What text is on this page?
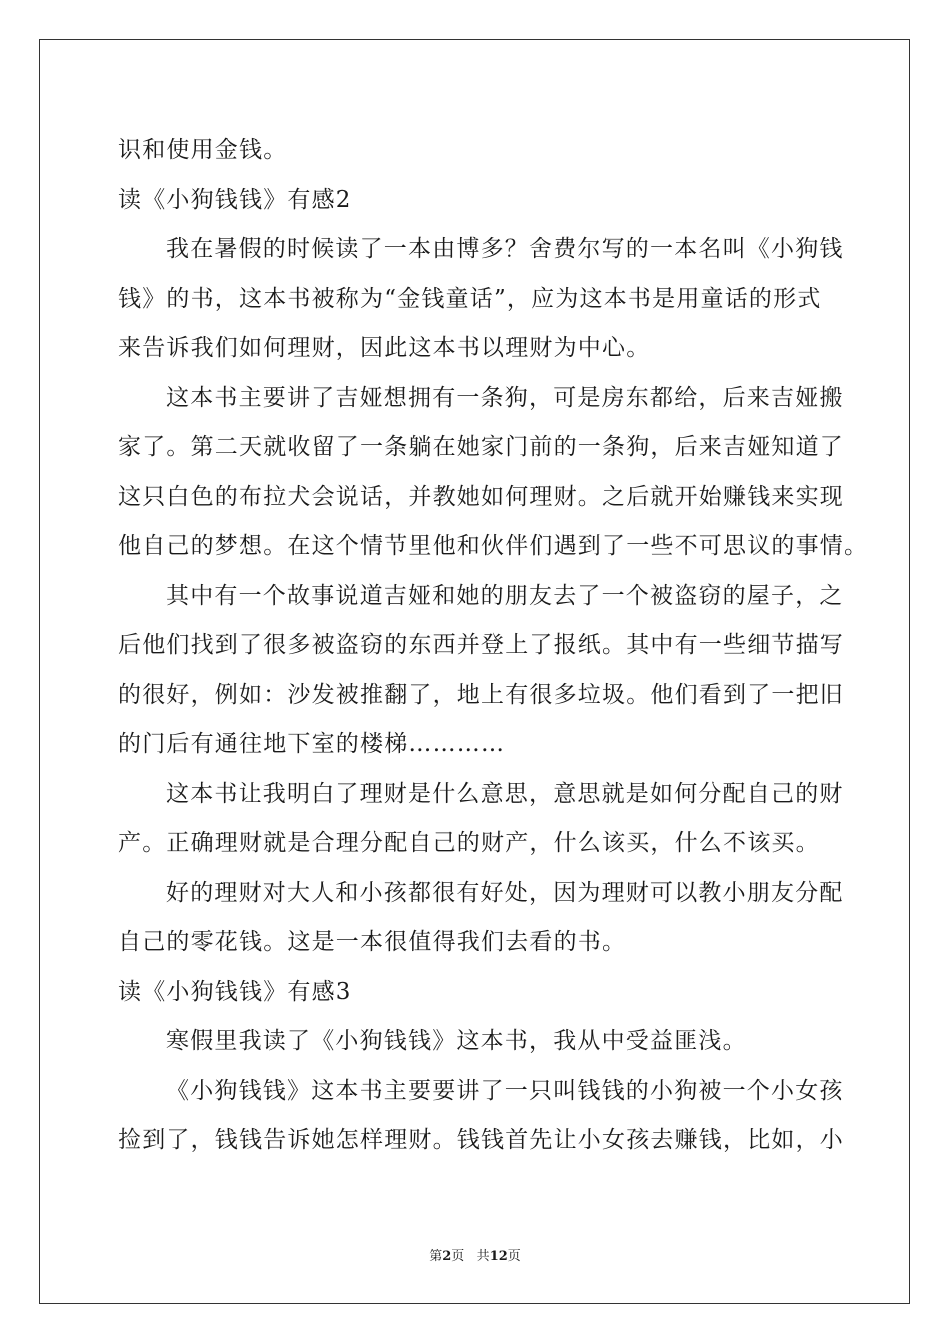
识和使用金钱。
读《小狗钱钱》有感2
我在暑假的时候读了一本由博多？舍费尔写的一本名叫《小狗钱
钱》的书，这本书被称为“金钱童话”，应为这本书是用童话的形式
来告诉我们如何理财，因此这本书以理财为中心。
这本书主要讲了吉娅想拥有一条狗，可是房东都给，后来吉娅搬
家了。第二天就收留了一条躺在她家门前的一条狗，后来吉娅知道了
这只白色的布拉犬会说话，并教她如何理财。之后就开始赚钱来实现
他自己的梦想。在这个情节里他和伙伴们遇到了一些不可思议的事情。
其中有一个故事说道吉娅和她的朋友去了一个被盗窃的屋子，之
后他们找到了很多被盗窃的东西并登上了报纸。其中有一些细节描写
的很好，例如：沙发被推翻了，地上有很多垃圾。他们看到了一把旧
的门后有通往地下室的楼梯…………
这本书让我明白了理财是什么意思，意思就是如何分配自己的财
产。正确理财就是合理分配自己的财产，什么该买，什么不该买。
好的理财对大人和小孩都很有好处，因为理财可以教小朋友分配
自己的零花钱。这是一本很值得我们去看的书。
读《小狗钱钱》有感3
寒假里我读了《小狗钱钱》这本书，我从中受益匪浅。
《小狗钱钱》这本书主要要讲了一只叫钱钱的小狗被一个小女孩
捡到了，钱钱告诉她怎样理财。钱钱首先让小女孩去赚钱，比如，小
第2页 共12页
